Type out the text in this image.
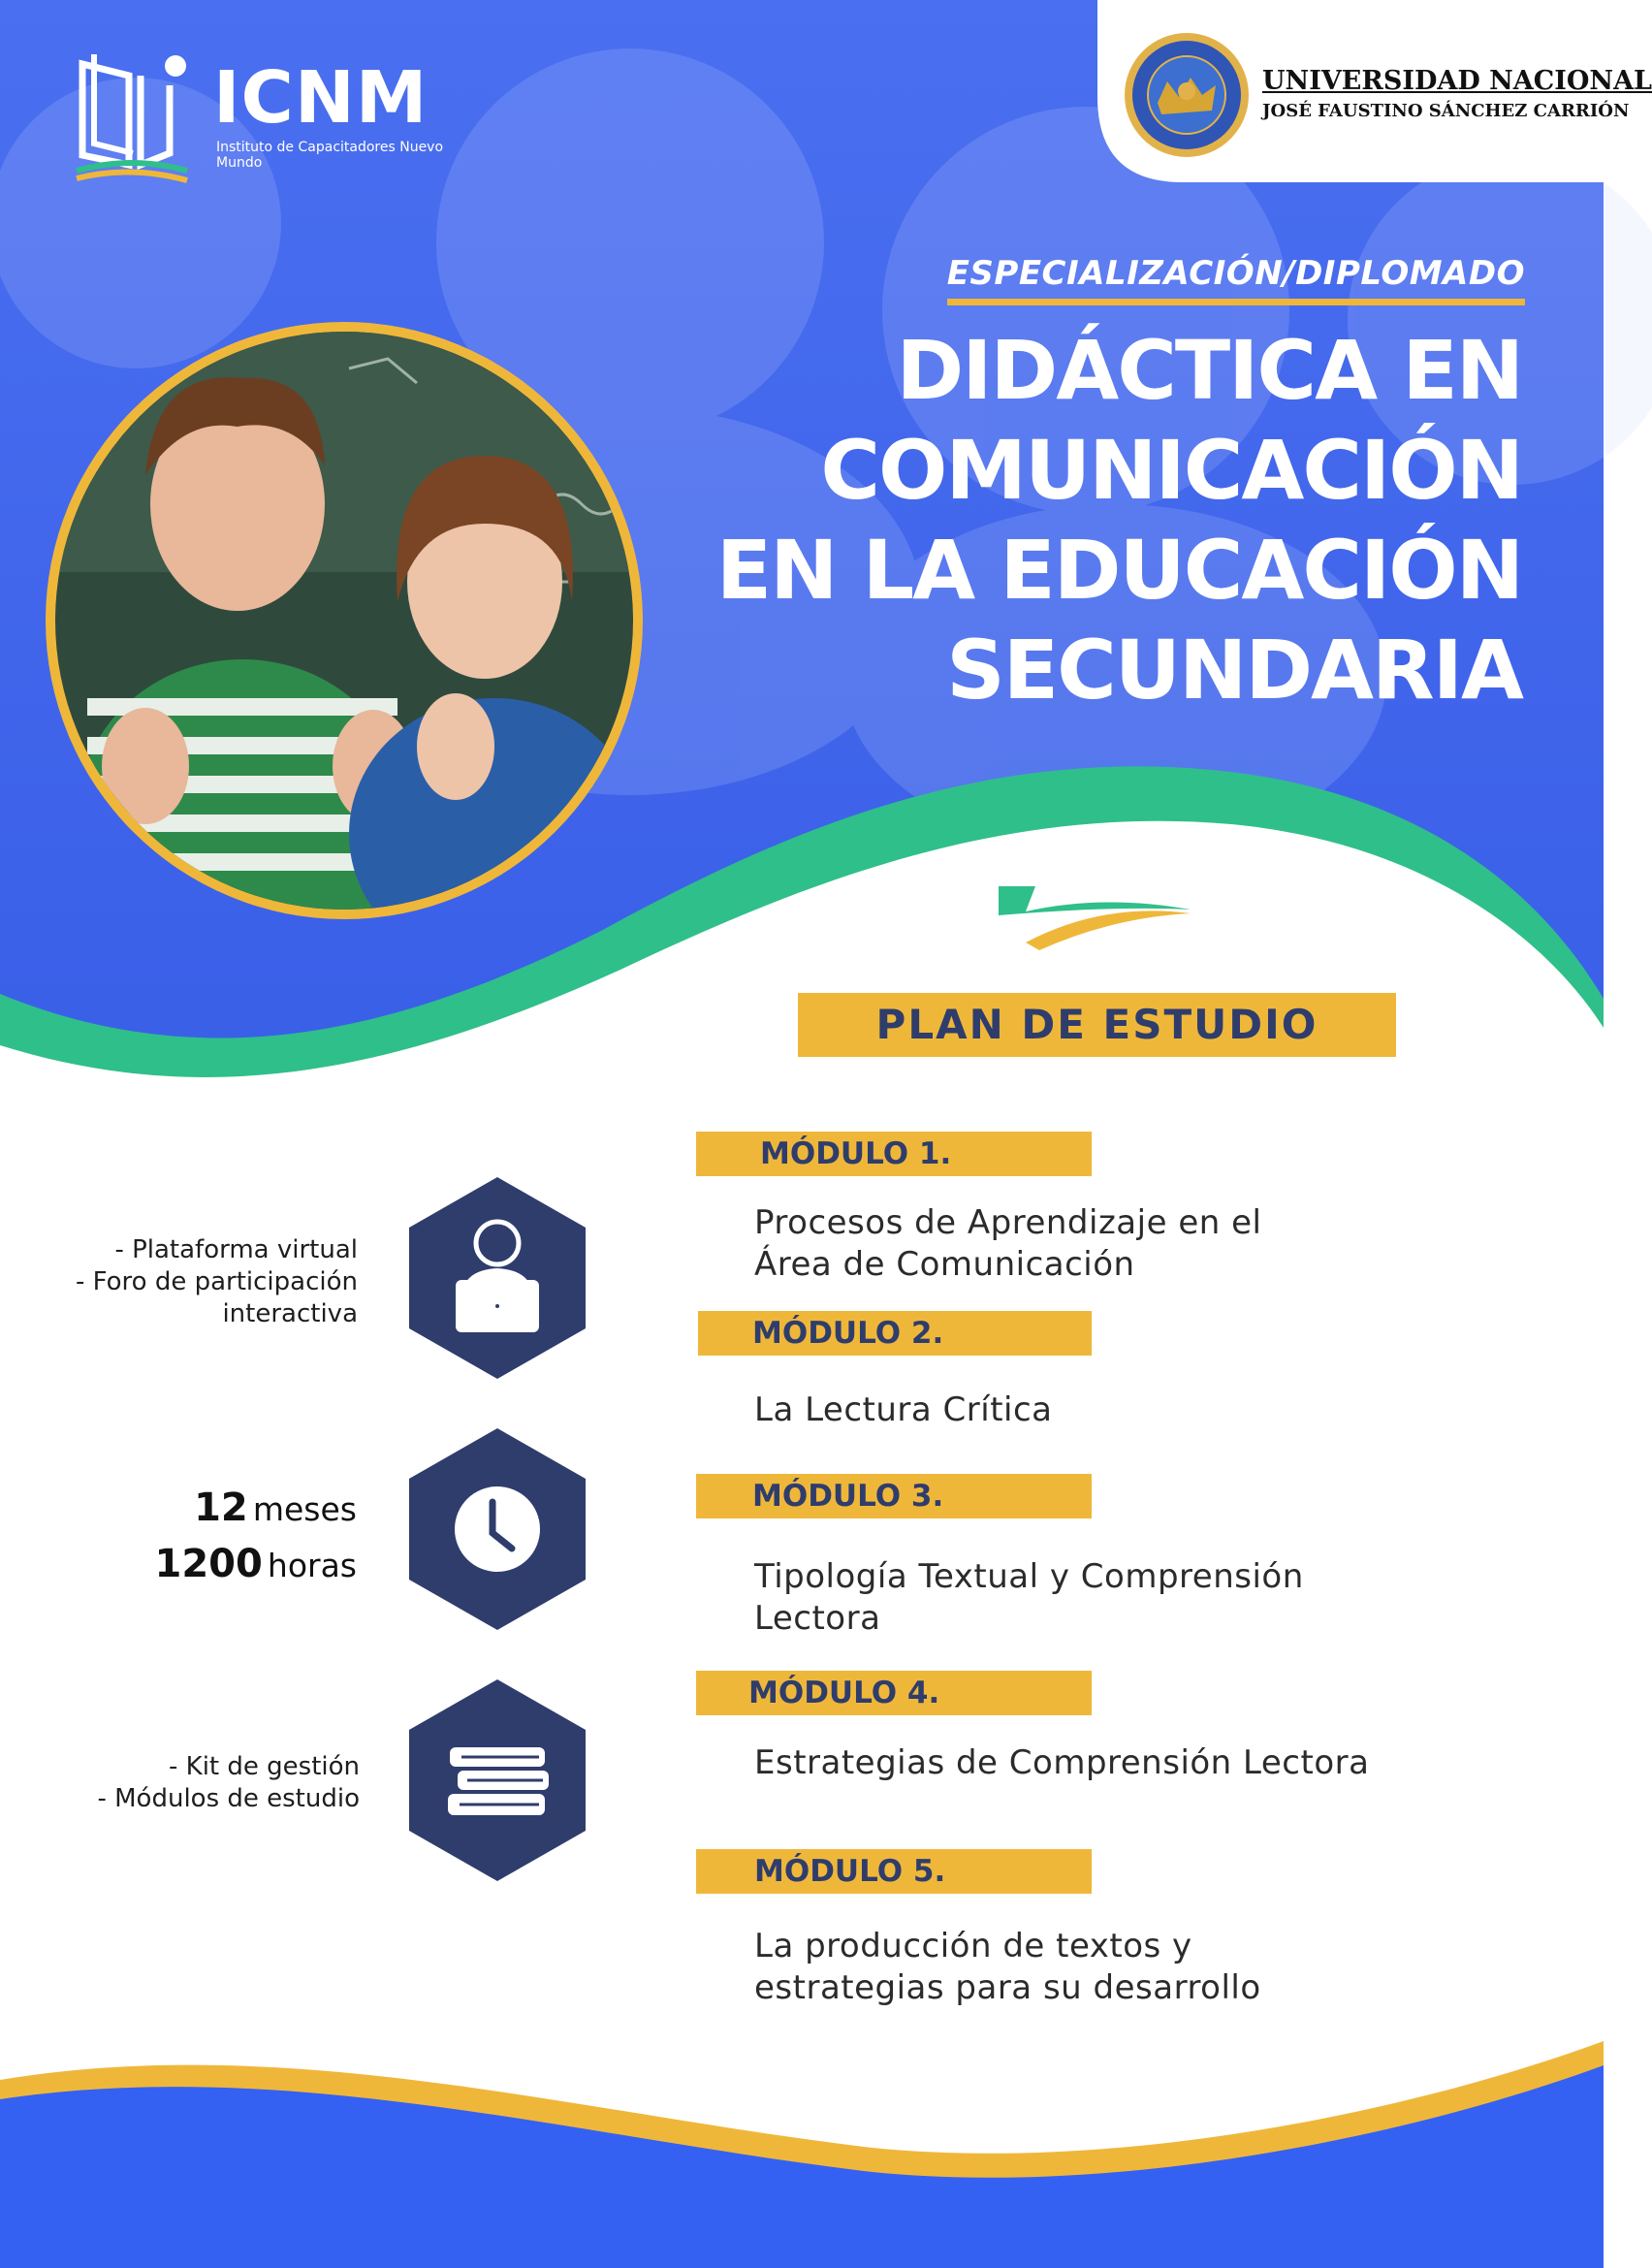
ICNM
Instituto de Capacitadores Nuevo Mundo
UNIVERSIDAD NACIONAL
JOSÉ FAUSTINO SÁNCHEZ CARRIÓN
ESPECIALIZACIÓN/DIPLOMADO
DIDÁCTICA EN
COMUNICACIÓN
EN LA EDUCACIÓN
SECUNDARIA
PLAN DE ESTUDIO
- Plataforma virtual
- Foro de participación
interactiva
12 meses
1200 horas
- Kit de gestión
- Módulos de estudio
MÓDULO 1.
Procesos de Aprendizaje en el
Área de Comunicación
MÓDULO 2.
La Lectura Crítica
MÓDULO 3.
Tipología Textual y Comprensión
Lectora
MÓDULO 4.
Estrategias de Comprensión Lectora
MÓDULO 5.
La producción de textos y
estrategias para su desarrollo
